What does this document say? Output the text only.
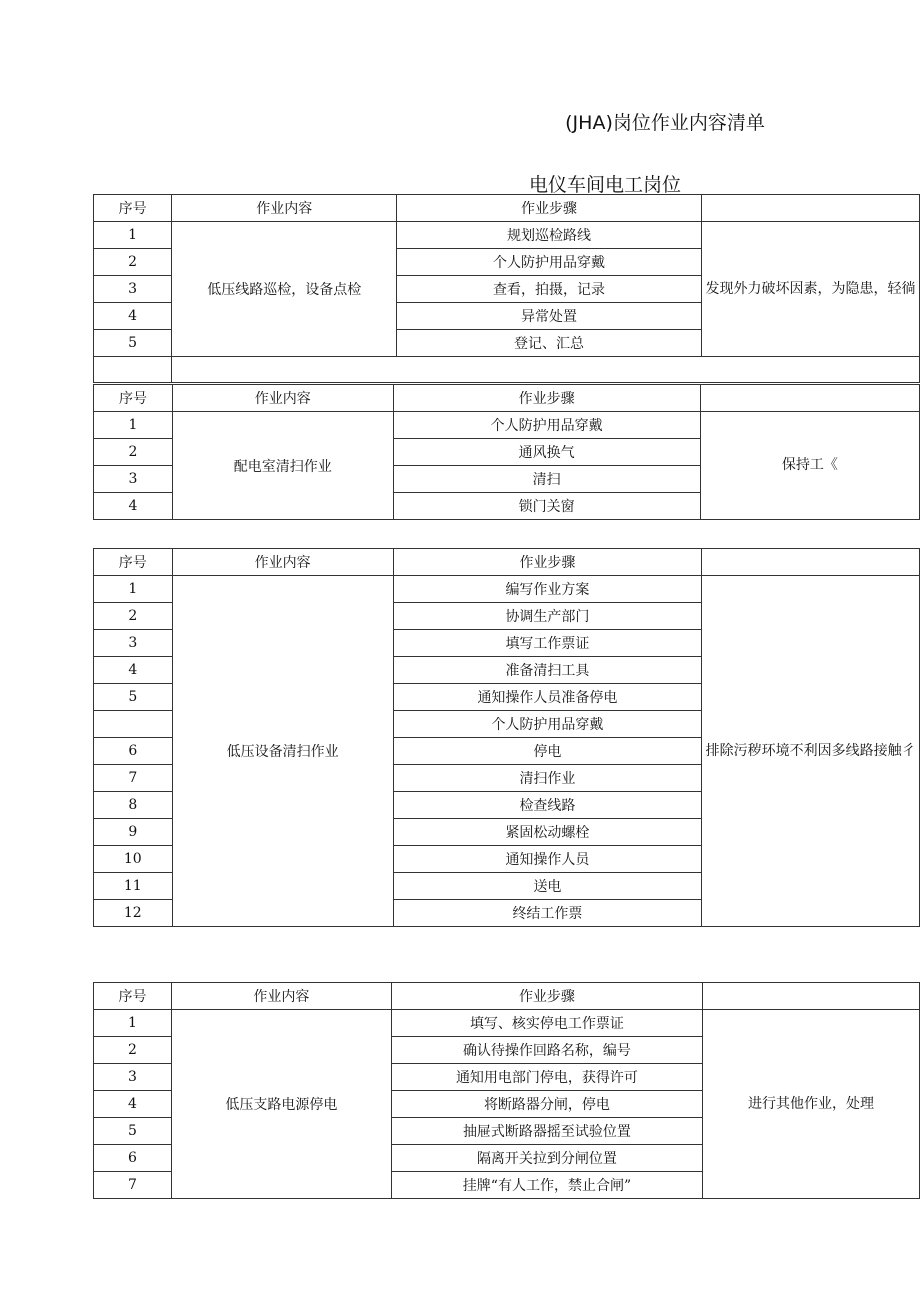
(JHA)岗位作业内容清单
电仪车间电工岗位
序号	作业内容	作业步骤	
1	低压线路巡检，设备点检	规划巡检路线	发现外力破坏因素，为隐患，轻徜
2		个人防护用品穿戴	
3		查看，拍摄，记录	
4		异常处置	
5		登记、汇总	

序号	作业内容	作业步骤	
1	配电室清扫作业	个人防护用品穿戴	保持工《
2		通风换气	
3		清扫	
4		锁门关窗	
序号	作业内容	作业步骤	
1	低压设备清扫作业	编写作业方案	排除污秽环境不利因多线路接触彳
2		协调生产部门	
3		填写工作票证	
4		准备清扫工具	
5		通知操作人员准备停电	
		个人防护用品穿戴	
6		停电	
7		清扫作业	
8		检查线路	
9		紧固松动螺栓	
10		通知操作人员	
11		送电	
12		终结工作票	
序号	作业内容	作业步骤	
1	低压支路电源停电	填写、核实停电工作票证	进行其他作业，处理
2		确认待操作回路名称，编号	
3		通知用电部门停电，获得许可	
4		将断路器分闸，停电	
5		抽屉式断路器摇至试验位置	
6		隔离开关拉到分闸位置	
7		挂牌“有人工作，禁止合闸”	
